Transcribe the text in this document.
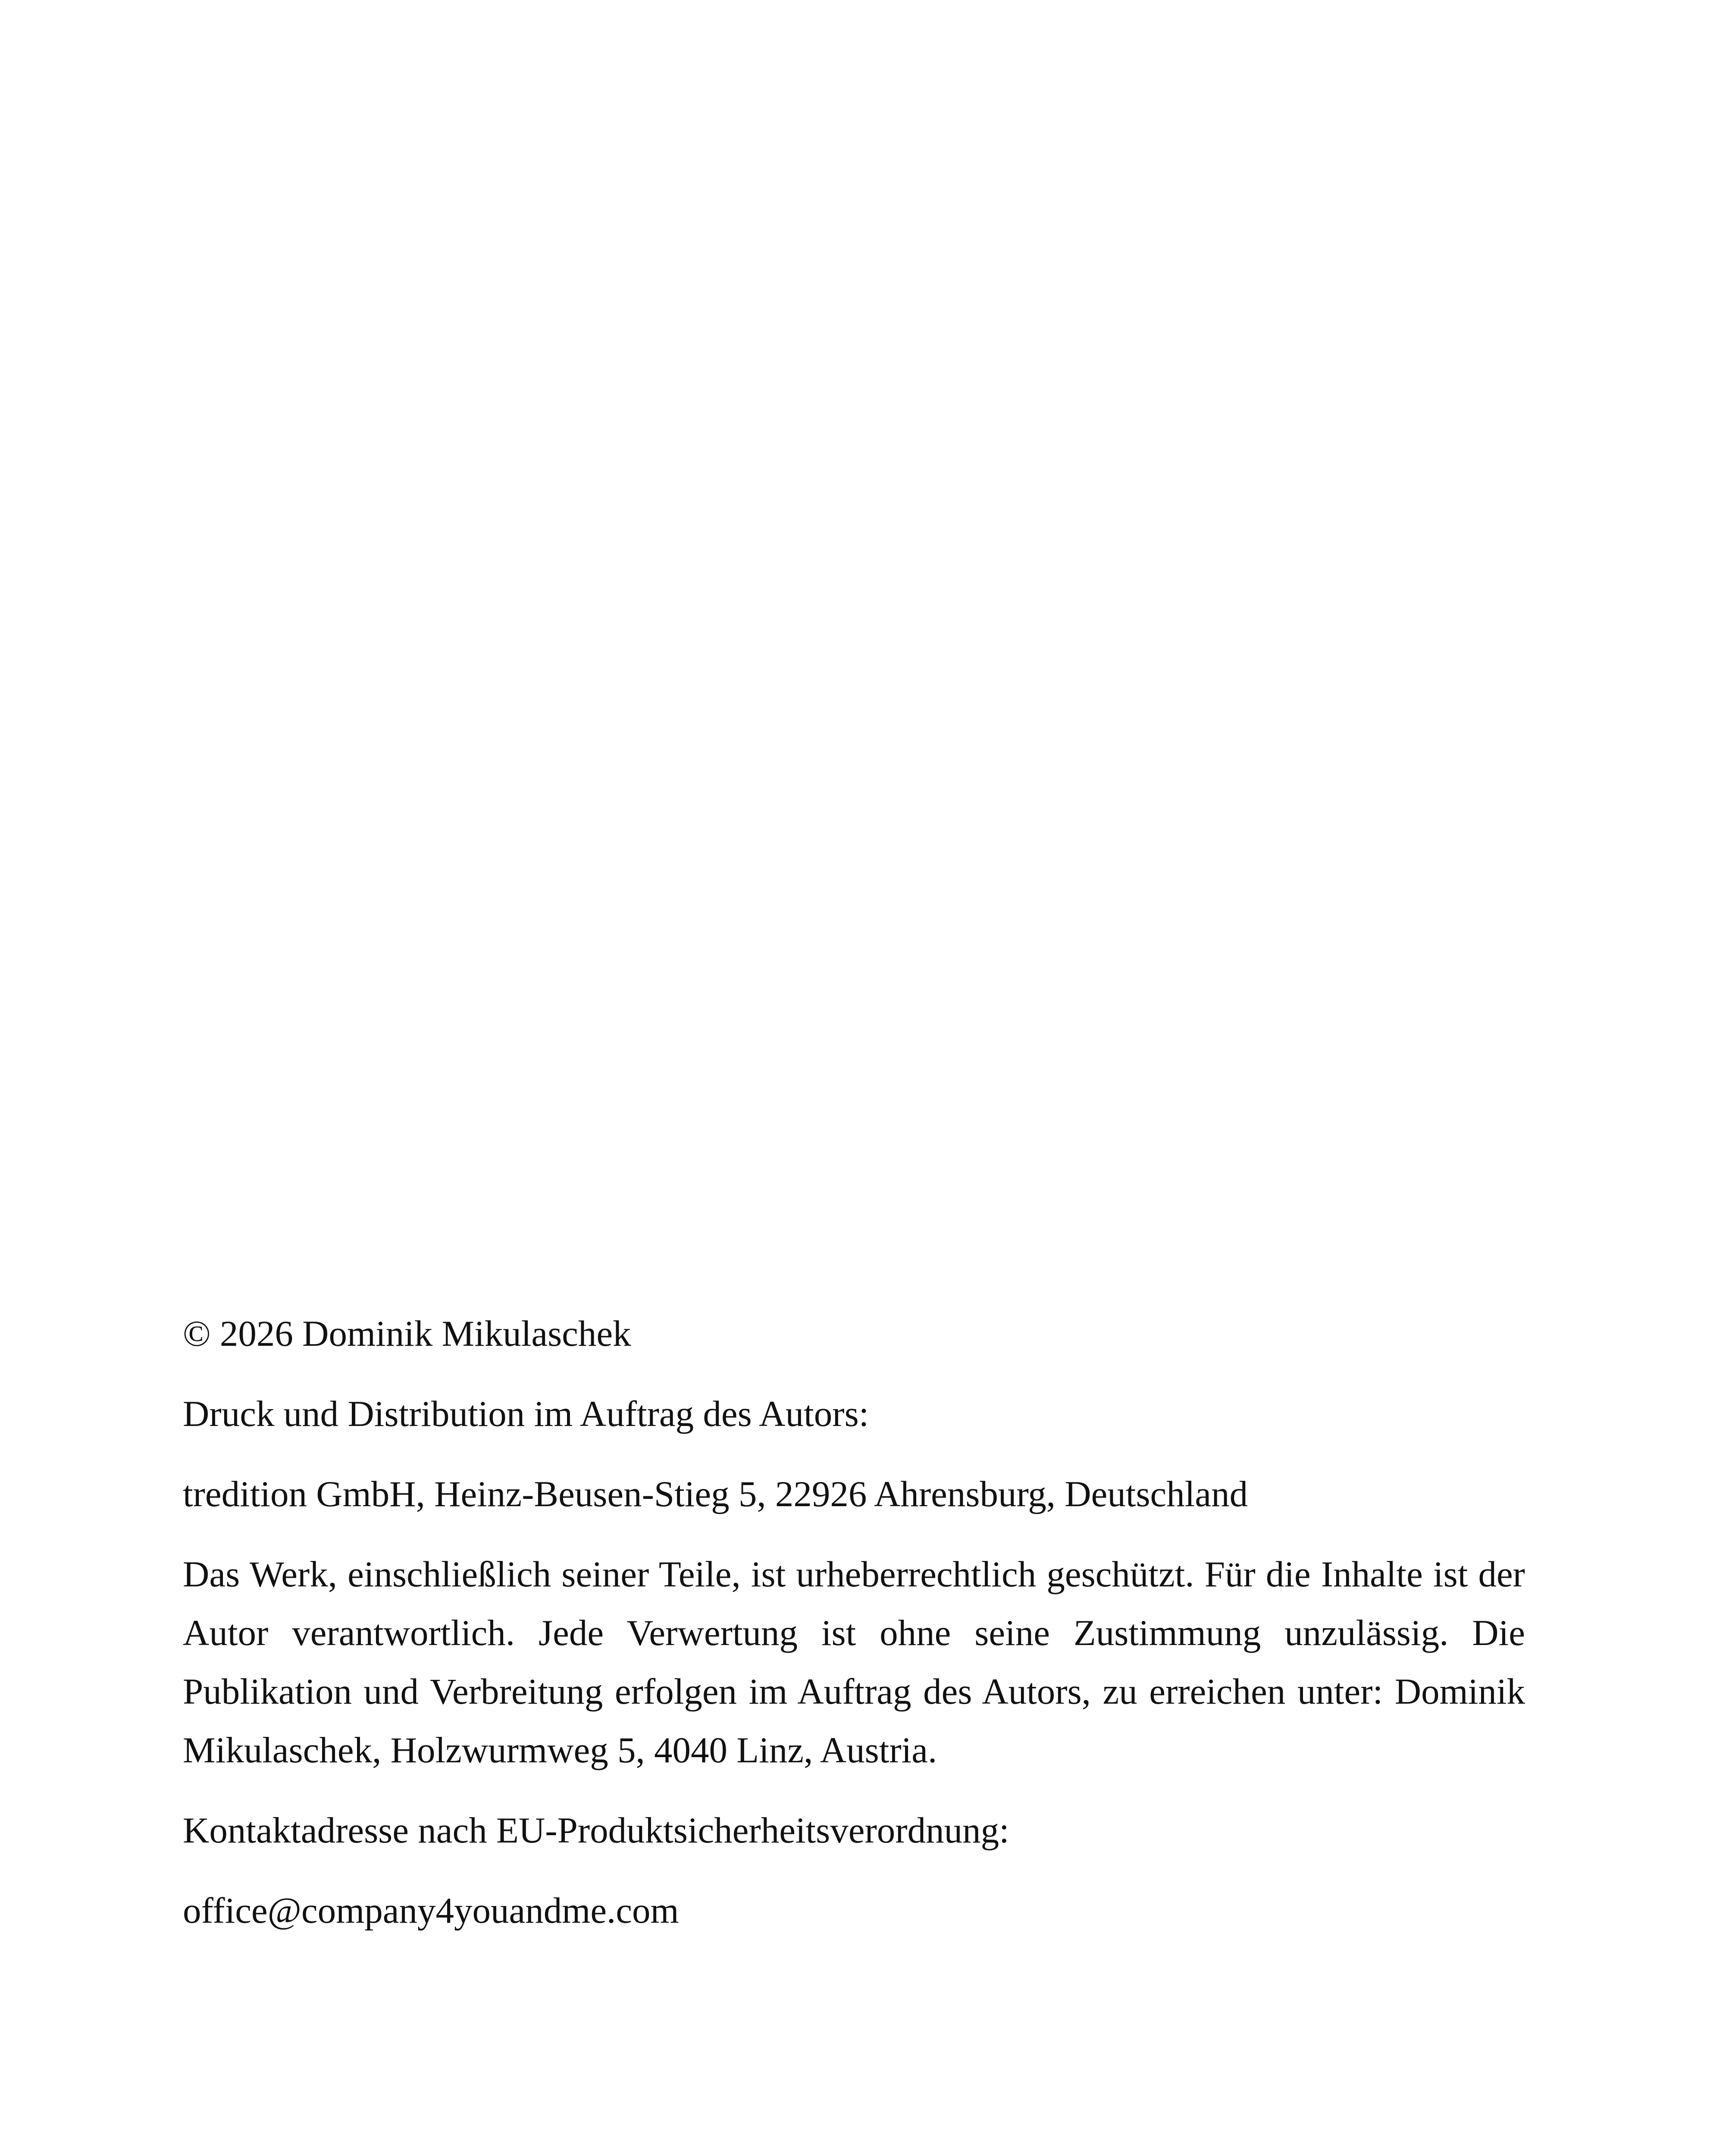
© 2026 Dominik Mikulaschek

Druck und Distribution im Auftrag des Autors:

tredition GmbH, Heinz-Beusen-Stieg 5, 22926 Ahrensburg, Deutschland

Das Werk, einschließlich seiner Teile, ist urheberrechtlich geschützt. Für die Inhalte ist der Autor verantwortlich. Jede Verwertung ist ohne seine Zustimmung unzulässig. Die Publikation und Verbreitung erfolgen im Auftrag des Autors, zu erreichen unter: Dominik Mikulaschek, Holzwurmweg 5, 4040 Linz, Austria.

Kontaktadresse nach EU-Produktsicherheitsverordnung:

office@company4youandme.com
